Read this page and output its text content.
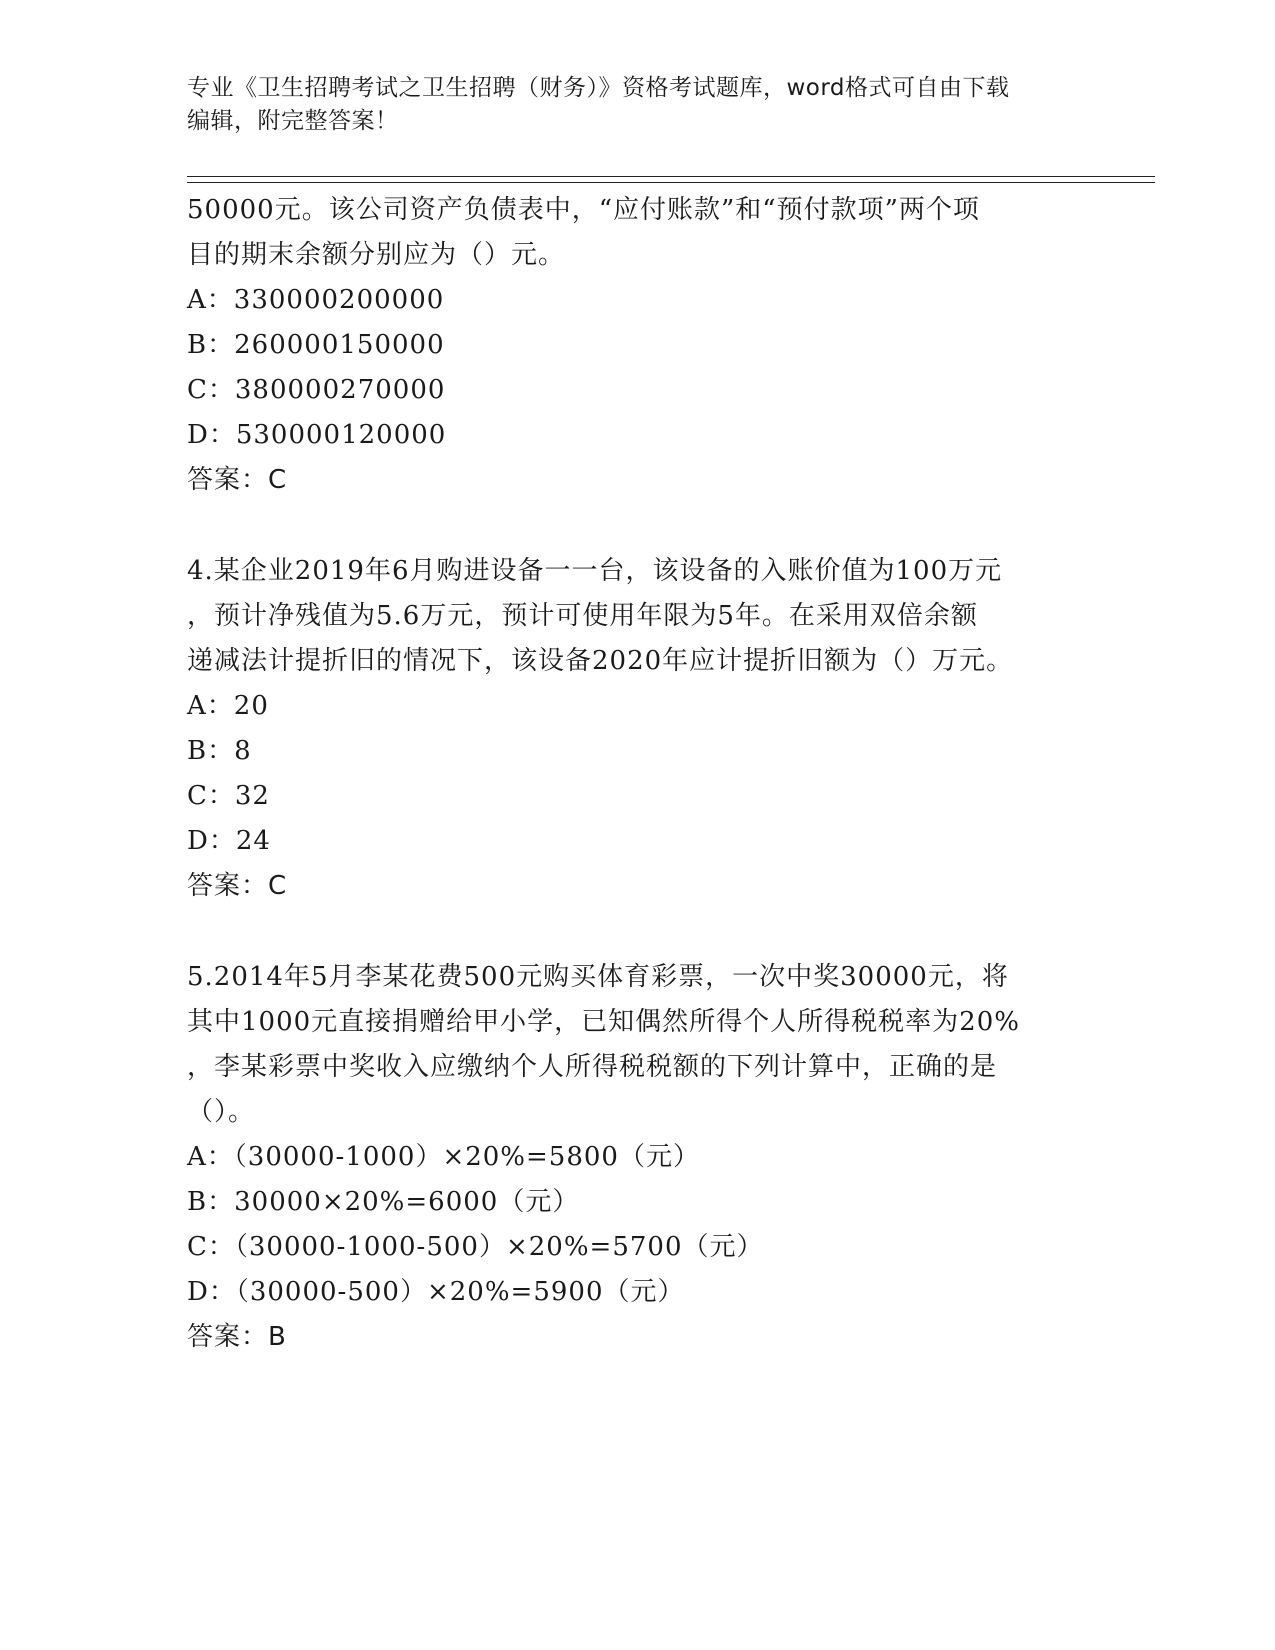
专业《卫生招聘考试之卫生招聘（财务）》资格考试题库，word格式可自由下载
编辑，附完整答案！
50000元。该公司资产负债表中，“应付账款”和“预付款项”两个项
目的期末余额分别应为（）元。
A：330000200000
B：260000150000
C：380000270000
D：530000120000
答案：C
4.某企业2019年6月购进设备一一台，该设备的入账价值为100万元
，预计净残值为5.6万元，预计可使用年限为5年。在采用双倍余额
递减法计提折旧的情况下，该设备2020年应计提折旧额为（）万元。
A：20
B：8
C：32
D：24
答案：C
5.2014年5月李某花费500元购买体育彩票，一次中奖30000元，将
其中1000元直接捐赠给甲小学，已知偶然所得个人所得税税率为20%
，李某彩票中奖收入应缴纳个人所得税税额的下列计算中，正确的是
（）。
A：（30000-1000）×20%=5800（元）
B：30000×20%=6000（元）
C：（30000-1000-500）×20%=5700（元）
D：（30000-500）×20%=5900（元）
答案：B
